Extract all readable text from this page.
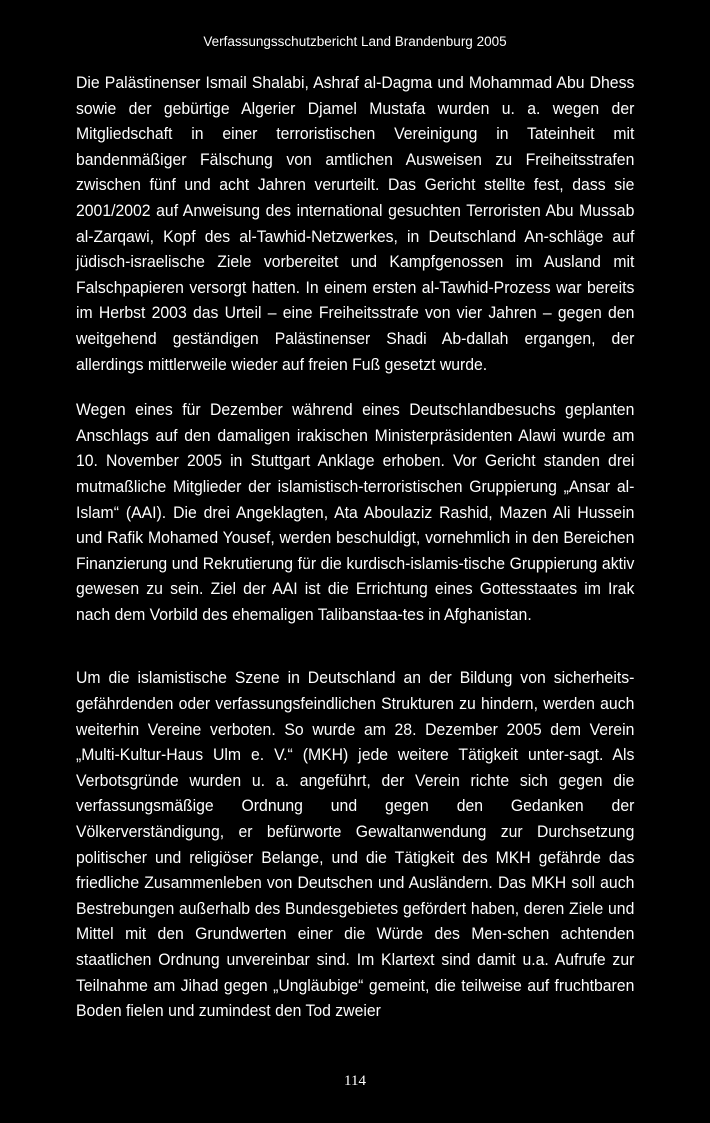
Verfassungsschutzbericht Land Brandenburg 2005

Die Palästinenser Ismail Shalabi, Ashraf al-Dagma und Mohammad Abu Dhess sowie der gebürtige Algerier Djamel Mustafa wurden u. a. wegen der Mitgliedschaft in einer terroristischen Vereinigung in Tateinheit mit bandenmäßiger Fälschung von amtlichen Ausweisen zu Freiheitsstrafen zwischen fünf und acht Jahren verurteilt. Das Gericht stellte fest, dass sie 2001/2002 auf Anweisung des international gesuchten Terroristen Abu Mussab al-Zarqawi, Kopf des al-Tawhid-Netzwerkes, in Deutschland An-schläge auf jüdisch-israelische Ziele vorbereitet und Kampfgenossen im Ausland mit Falschpapieren versorgt hatten. In einem ersten al-Tawhid-Prozess war bereits im Herbst 2003 das Urteil – eine Freiheitsstrafe von vier Jahren – gegen den weitgehend geständigen Palästinenser Shadi Ab-dallah ergangen, der allerdings mittlerweile wieder auf freien Fuß gesetzt wurde.

Wegen eines für Dezember während eines Deutschlandbesuchs geplanten Anschlags auf den damaligen irakischen Ministerpräsidenten Alawi wurde am 10. November 2005 in Stuttgart Anklage erhoben. Vor Gericht standen drei mutmaßliche Mitglieder der islamistisch-terroristischen Gruppierung „Ansar al-Islam“ (AAI). Die drei Angeklagten, Ata Aboulaziz Rashid, Mazen Ali Hussein und Rafik Mohamed Yousef, werden beschuldigt, vornehmlich in den Bereichen Finanzierung und Rekrutierung für die kurdisch-islamis-tische Gruppierung aktiv gewesen zu sein. Ziel der AAI ist die Errichtung eines Gottesstaates im Irak nach dem Vorbild des ehemaligen Talibanstaa-tes in Afghanistan.

Um die islamistische Szene in Deutschland an der Bildung von sicherheits-gefährdenden oder verfassungsfeindlichen Strukturen zu hindern, werden auch weiterhin Vereine verboten. So wurde am 28. Dezember 2005 dem Verein „Multi-Kultur-Haus Ulm e. V.“ (MKH) jede weitere Tätigkeit unter-sagt. Als Verbotsgründe wurden u. a. angeführt, der Verein richte sich gegen die verfassungsmäßige Ordnung und gegen den Gedanken der Völkerverständigung, er befürworte Gewaltanwendung zur Durchsetzung politischer und religiöser Belange, und die Tätigkeit des MKH gefährde das friedliche Zusammenleben von Deutschen und Ausländern. Das MKH soll auch Bestrebungen außerhalb des Bundesgebietes gefördert haben, deren Ziele und Mittel mit den Grundwerten einer die Würde des Men-schen achtenden staatlichen Ordnung unvereinbar sind. Im Klartext sind damit u.a. Aufrufe zur Teilnahme am Jihad gegen „Ungläubige“ gemeint, die teilweise auf fruchtbaren Boden fielen und zumindest den Tod zweier

114
